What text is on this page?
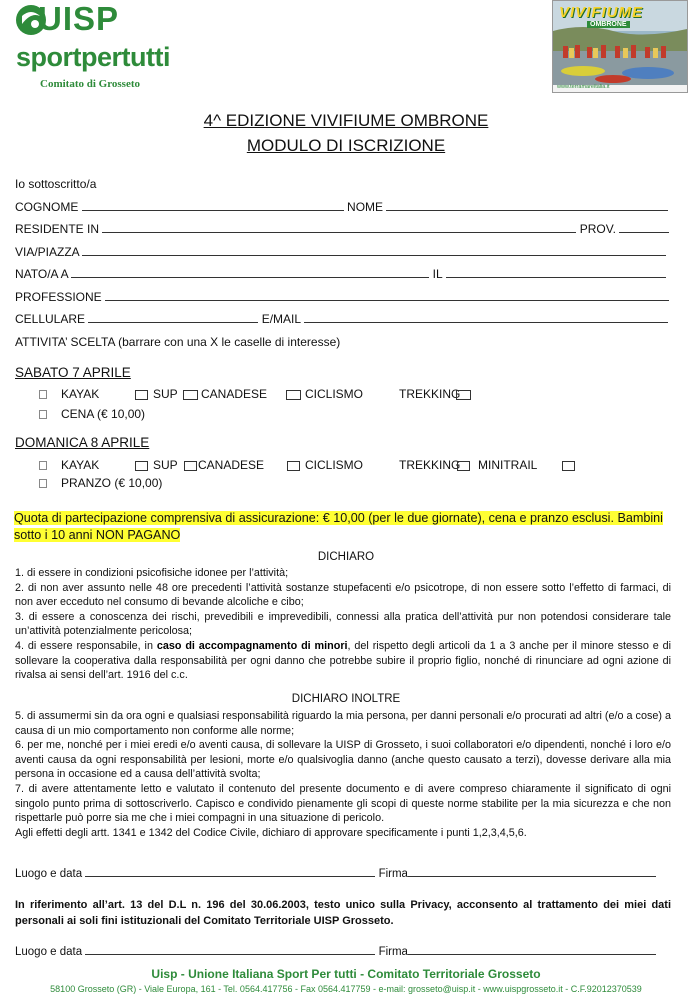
UISP
sportpertutti
Comitato di Grosseto
VIVIFIUME
OMBRONE
www.terramareitalia.it
4^ EDIZIONE VIVIFIUME OMBRONE
MODULO DI ISCRIZIONE
Io sottoscritto/a
COGNOME	NOME
RESIDENTE IN	PROV.
VIA/PIAZZA
NATO/A A	IL
PROFESSIONE
CELLULARE	E/MAIL
ATTIVITA’ SCELTA (barrare con una X le caselle di interesse)
SABATO 7 APRILE
KAYAK	SUP CANADESE	CICLISMO	TREKKING
CENA (€ 10,00)
DOMANICA 8 APRILE
KAYAK	SUP CANADESE	CICLISMO	TREKKING MINITRAIL
PRANZO (€ 10,00)
Quota di partecipazione comprensiva di assicurazione: € 10,00 (per le due giornate), cena e pranzo esclusi. Bambini
sotto i 10 anni NON PAGANO
DICHIARO
1. di essere in condizioni psicofisiche idonee per l’attività;
2. di non aver assunto nelle 48 ore precedenti l’attività sostanze stupefacenti e/o psicotrope, di non essere sotto l’effetto di farmaci, di non aver ecceduto nel consumo di bevande alcoliche e cibo;
3. di essere a conoscenza dei rischi, prevedibili e imprevedibili, connessi alla pratica dell’attività pur non potendosi considerare tale un’attività potenzialmente pericolosa;
4. di essere responsabile, in caso di accompagnamento di minori, del rispetto degli articoli da 1 a 3 anche per il minore stesso e di sollevare la cooperativa dalla responsabilità per ogni danno che potrebbe subire il proprio figlio, nonché di rinunciare ad ogni azione di rivalsa ai sensi dell’art. 1916 del c.c.
DICHIARO INOLTRE
5. di assumermi sin da ora ogni e qualsiasi responsabilità riguardo la mia persona, per danni personali e/o procurati ad altri (e/o a cose) a causa di un mio comportamento non conforme alle norme;
6. per me, nonché per i miei eredi e/o aventi causa, di sollevare la UISP di Grosseto, i suoi collaboratori e/o dipendenti, nonché i loro e/o aventi causa da ogni responsabilità per lesioni, morte e/o qualsivoglia danno (anche questo causato a terzi), dovesse derivare alla mia persona in occasione ed a causa dell’attività svolta;
7. di avere attentamente letto e valutato il contenuto del presente documento e di avere compreso chiaramente il significato di ogni singolo punto prima di sottoscriverlo. Capisco e condivido pienamente gli scopi di queste norme stabilite per la mia sicurezza e che non rispettarle può porre sia me che i miei compagni in una situazione di pericolo.
Agli effetti degli artt. 1341 e 1342 del Codice Civile, dichiaro di approvare specificamente i punti 1,2,3,4,5,6.
Luogo e data	Firma
In riferimento all’art. 13 del D.L n. 196 del 30.06.2003, testo unico sulla Privacy, acconsento al trattamento dei miei dati personali ai soli fini istituzionali del Comitato Territoriale UISP Grosseto.
Luogo e data	Firma
Uisp - Unione Italiana Sport Per tutti - Comitato Territoriale Grosseto
58100 Grosseto (GR) - Viale Europa, 161 - Tel. 0564.417756 - Fax 0564.417759 - e-mail: grosseto@uisp.it - www.uispgrosseto.it - C.F.92012370539
